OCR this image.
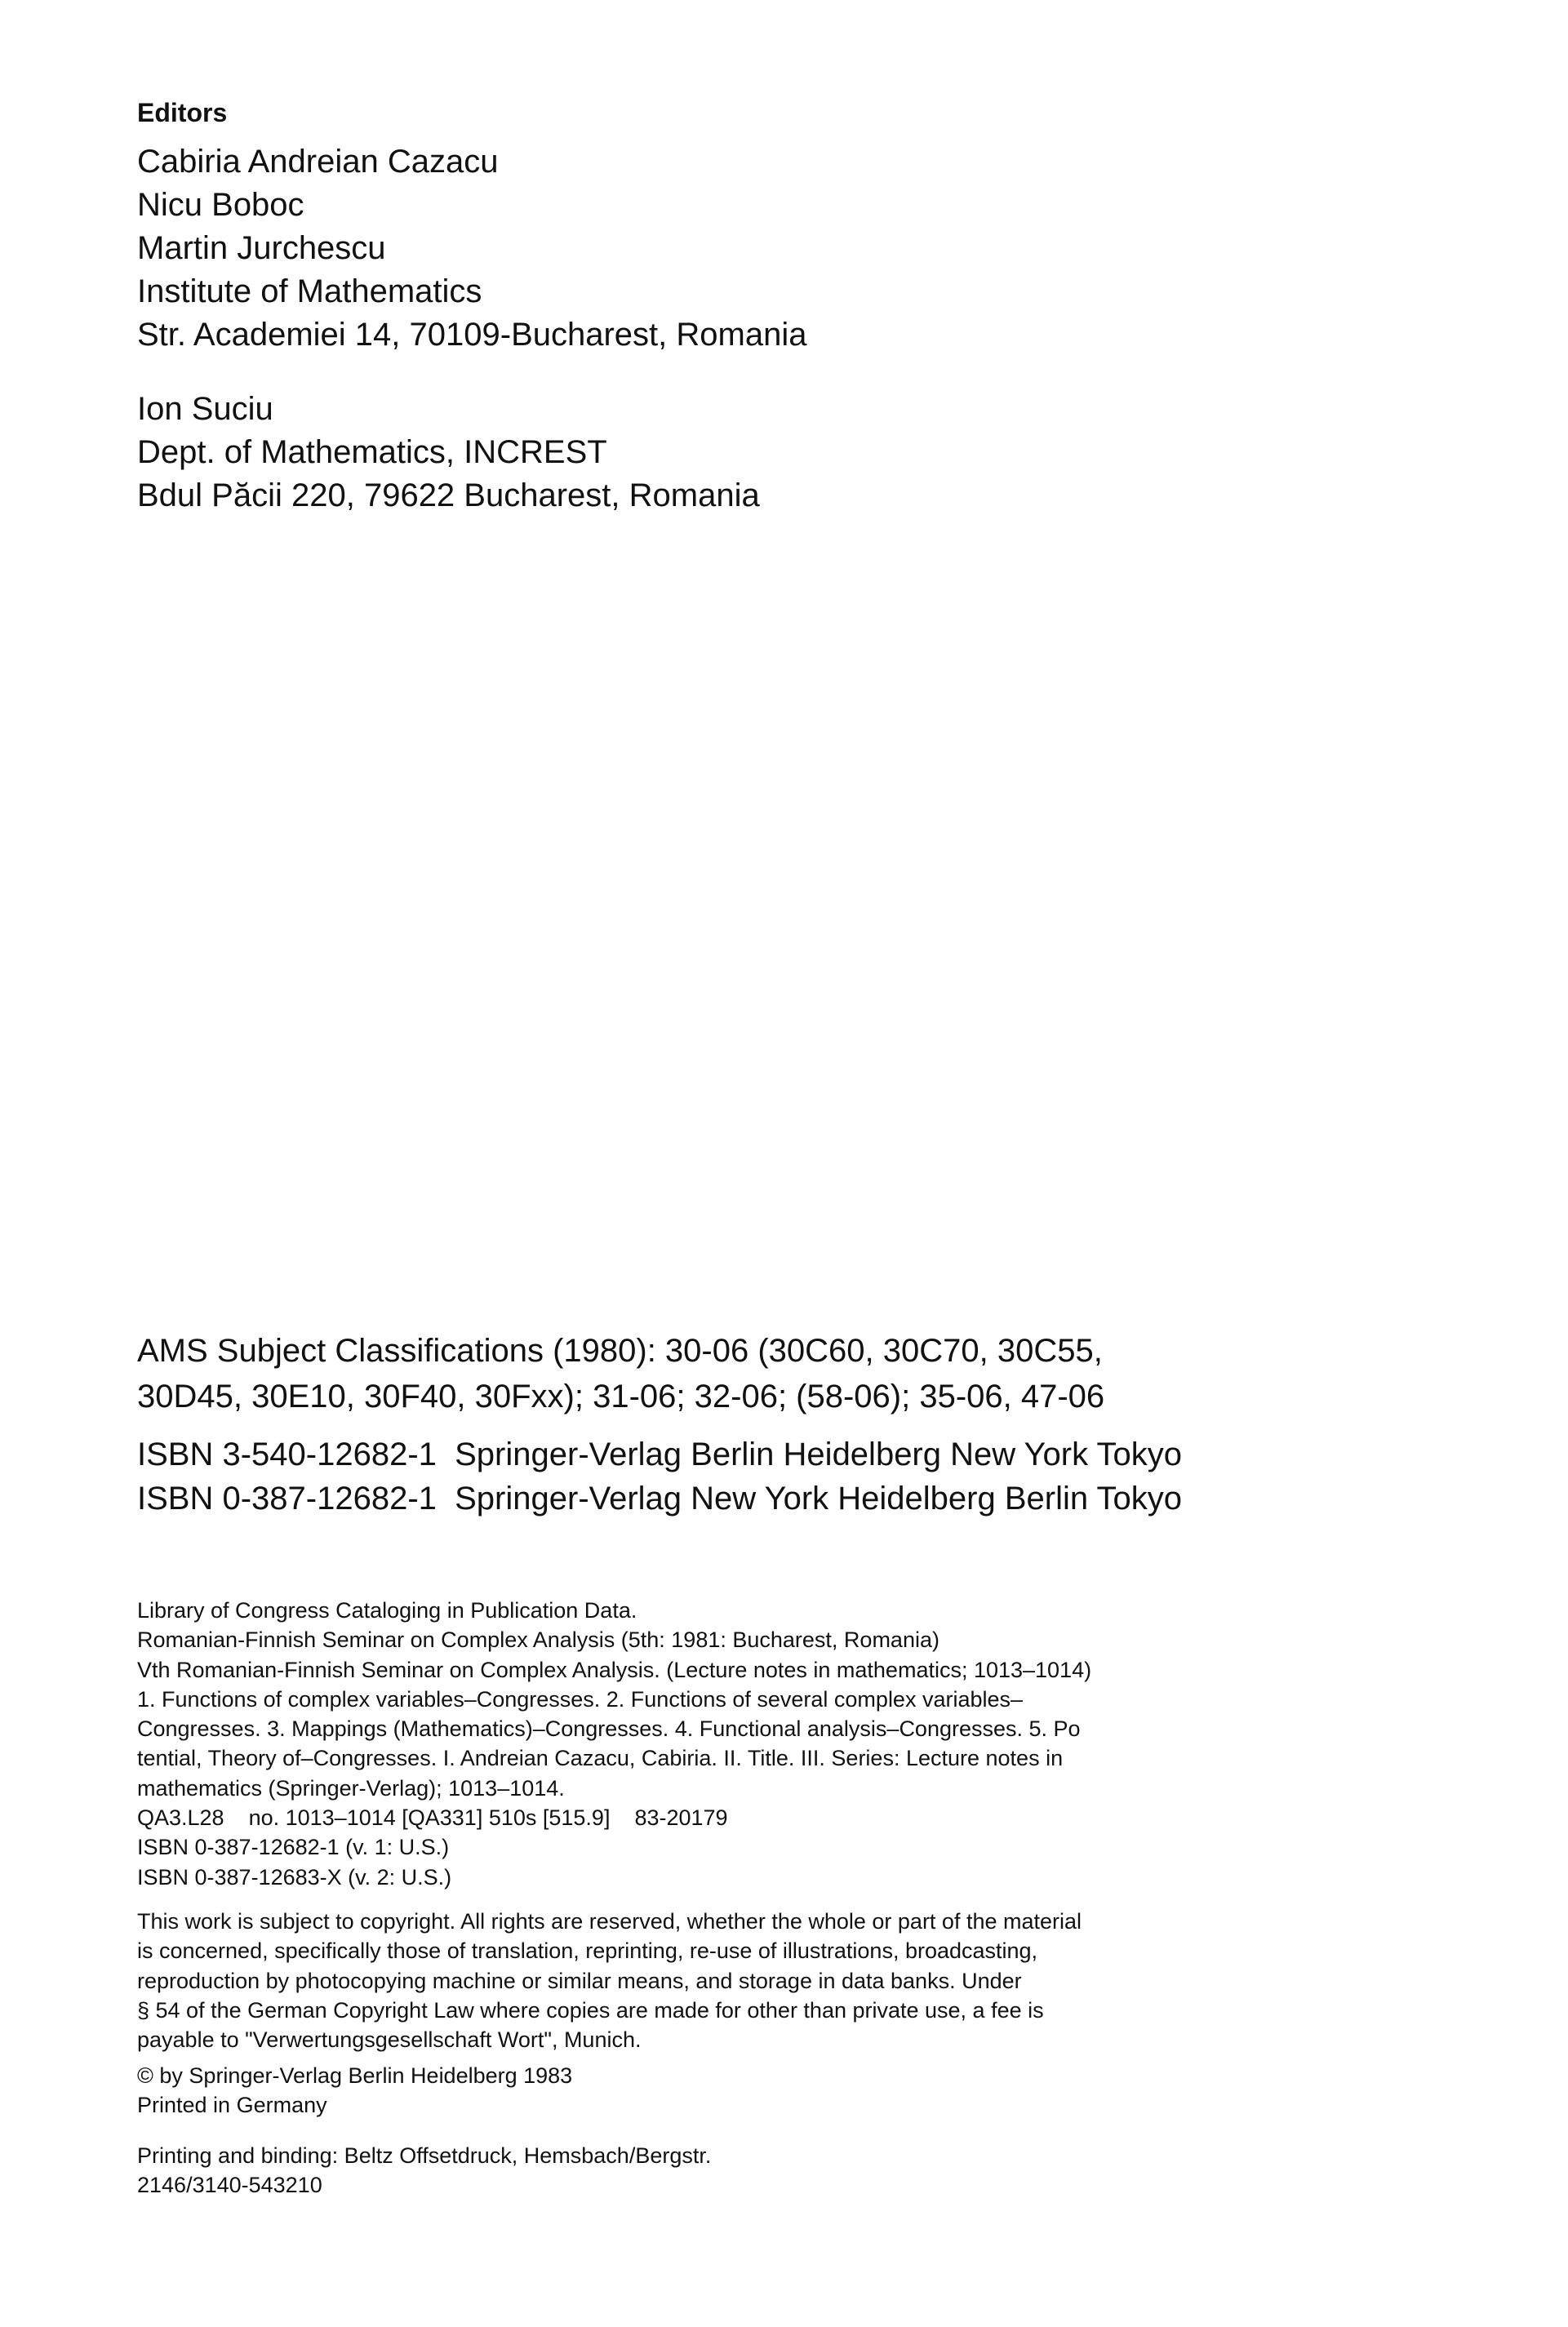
Editors
Cabiria Andreian Cazacu
Nicu Boboc
Martin Jurchescu
Institute of Mathematics
Str. Academiei 14, 70109-Bucharest, Romania
Ion Suciu
Dept. of Mathematics, INCREST
Bdul Păcii 220, 79622 Bucharest, Romania
AMS Subject Classifications (1980): 30-06 (30C60, 30C70, 30C55,
30D45, 30E10, 30F40, 30Fxx); 31-06; 32-06; (58-06); 35-06, 47-06
ISBN 3-540-12682-1  Springer-Verlag Berlin Heidelberg New York Tokyo
ISBN 0-387-12682-1  Springer-Verlag New York Heidelberg Berlin Tokyo
Library of Congress Cataloging in Publication Data.
Romanian-Finnish Seminar on Complex Analysis (5th: 1981: Bucharest, Romania)
Vth Romanian-Finnish Seminar on Complex Analysis. (Lecture notes in mathematics; 1013–1014)
1. Functions of complex variables–Congresses. 2. Functions of several complex variables–
Congresses. 3. Mappings (Mathematics)–Congresses. 4. Functional analysis–Congresses. 5. Po
tential, Theory of–Congresses. I. Andreian Cazacu, Cabiria. II. Title. III. Series: Lecture notes in
mathematics (Springer-Verlag); 1013–1014.
QA3.L28    no. 1013–1014 [QA331] 510s [515.9]    83-20179
ISBN 0-387-12682-1 (v. 1: U.S.)
ISBN 0-387-12683-X (v. 2: U.S.)
This work is subject to copyright. All rights are reserved, whether the whole or part of the material
is concerned, specifically those of translation, reprinting, re-use of illustrations, broadcasting,
reproduction by photocopying machine or similar means, and storage in data banks. Under
§ 54 of the German Copyright Law where copies are made for other than private use, a fee is
payable to "Verwertungsgesellschaft Wort", Munich.
© by Springer-Verlag Berlin Heidelberg 1983
Printed in Germany
Printing and binding: Beltz Offsetdruck, Hemsbach/Bergstr.
2146/3140-543210
